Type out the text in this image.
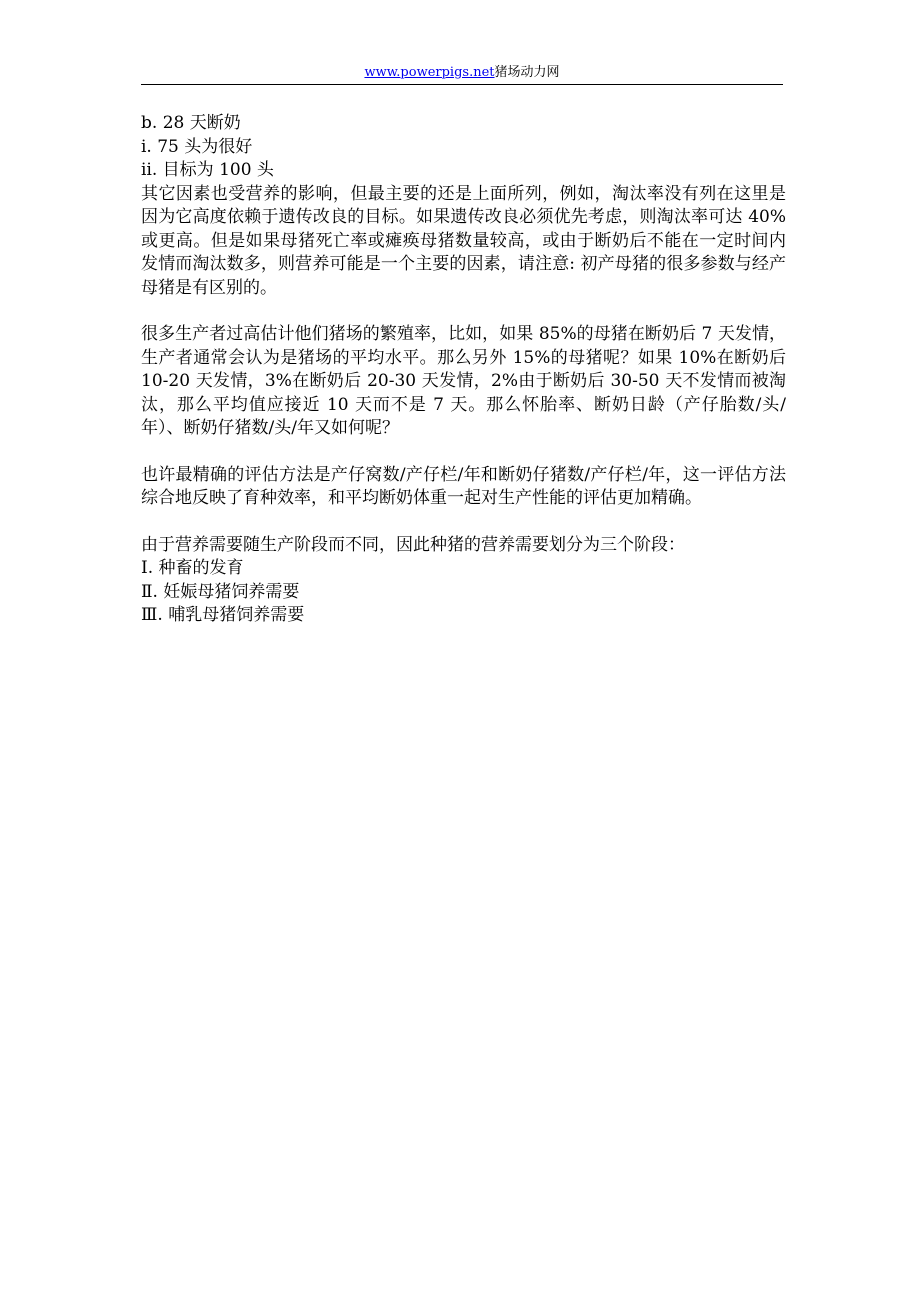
www.powerpigs.net猪场动力网

b. 28 天断奶

ⅰ. 75 头为很好

ⅱ. 目标为 100 头

其它因素也受营养的影响，但最主要的还是上面所列，例如，淘汰率没有列在这里是因为它高度依赖于遗传改良的目标。如果遗传改良必须优先考虑，则淘汰率可达 40%或更高。但是如果母猪死亡率或瘫痪母猪数量较高，或由于断奶后不能在一定时间内发情而淘汰数多，则营养可能是一个主要的因素，请注意: 初产母猪的很多参数与经产母猪是有区别的。

很多生产者过高估计他们猪场的繁殖率，比如，如果 85%的母猪在断奶后 7 天发情，生产者通常会认为是猪场的平均水平。那么另外 15%的母猪呢？如果 10%在断奶后 10-20 天发情，3%在断奶后 20-30 天发情，2%由于断奶后 30-50 天不发情而被淘汰，那么平均值应接近 10 天而不是 7 天。那么怀胎率、断奶日龄（产仔胎数/头/年）、断奶仔猪数/头/年又如何呢？

也许最精确的评估方法是产仔窝数/产仔栏/年和断奶仔猪数/产仔栏/年，这一评估方法综合地反映了育种效率，和平均断奶体重一起对生产性能的评估更加精确。

由于营养需要随生产阶段而不同，因此种猪的营养需要划分为三个阶段：

Ⅰ. 种畜的发育

Ⅱ. 妊娠母猪饲养需要

Ⅲ. 哺乳母猪饲养需要
